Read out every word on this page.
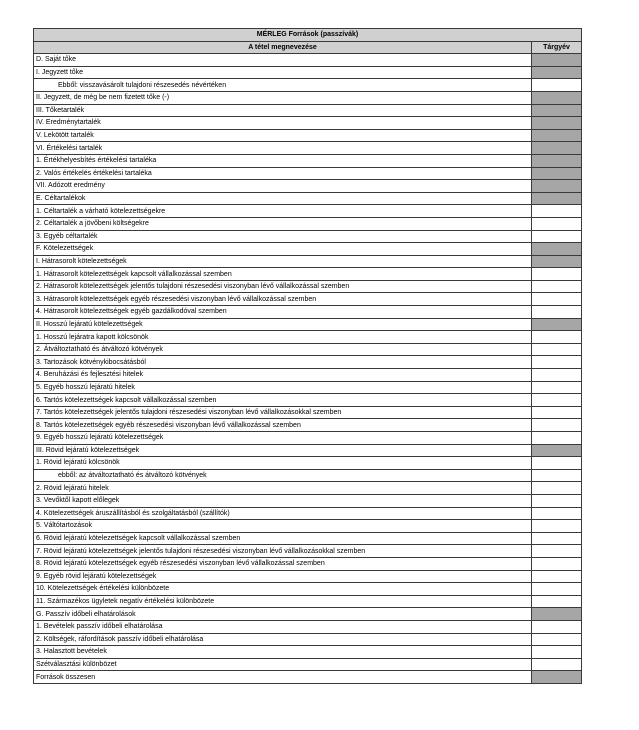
MÉRLEG Források (passzívák)	
A tétel megnevezése	Tárgyév
D. Saját tőke	
I. Jegyzett tőke	
Ebből: visszavásárolt tulajdoni részesedés névértéken	
II. Jegyzett, de még be nem fizetett tőke (-)	
III. Tőketartalék	
IV. Eredménytartalék	
V. Lekötött tartalék	
VI. Értékelési tartalék	
1. Értékhelyesbítés értékelési tartaléka	
2. Valós értékelés értékelési tartaléka	
VII. Adózott eredmény	
E. Céltartalékok	
1. Céltartalék a várható kötelezettségekre	
2. Céltartalék a jövőbeni költségekre	
3. Egyéb céltartalék	
F. Kötelezettségek	
I. Hátrasorolt kötelezettségek	
1. Hátrasorolt kötelezettségek kapcsolt vállalkozással szemben	
2. Hátrasorolt kötelezettségek jelentős tulajdoni részesedési viszonyban lévő vállalkozással szemben	
3. Hátrasorolt kötelezettségek egyéb részesedési viszonyban lévő vállalkozással szemben	
4. Hátrasorolt kötelezettségek egyéb gazdálkodóval szemben	
II. Hosszú lejáratú kötelezettségek	
1. Hosszú lejáratra kapott kölcsönök	
2. Átváltoztatható és átváltozó kötvények	
3. Tartozások kötvénykibocsátásból	
4. Beruházási és fejlesztési hitelek	
5. Egyéb hosszú lejáratú hitelek	
6. Tartós kötelezettségek kapcsolt vállalkozással szemben	
7. Tartós kötelezettségek jelentős tulajdoni részesedési viszonyban lévő vállalkozásokkal szemben	
8. Tartós kötelezettségek egyéb részesedési viszonyban lévő vállalkozással szemben	
9. Egyéb hosszú lejáratú kötelezettségek	
III. Rövid lejáratú kötelezettségek	
1. Rövid lejáratú kölcsönök	
ebből: az átváltoztatható és átváltozó kötvények	
2. Rövid lejáratú hitelek	
3. Vevőktől kapott előlegek	
4. Kötelezettségek áruszállításból és szolgáltatásból (szállítók)	
5. Váltótartozások	
6. Rövid lejáratú kötelezettségek kapcsolt vállalkozással szemben	
7. Rövid lejáratú kötelezettségek jelentős tulajdoni részesedési viszonyban lévő vállalkozásokkal szemben	
8. Rövid lejáratú kötelezettségek egyéb részesedési viszonyban lévő vállalkozással szemben	
9. Egyéb rövid lejáratú kötelezettségek	
10. Kötelezettségek értékelési különbözete	
11. Származékos ügyletek negatív értékelési különbözete	
G. Passzív időbeli elhatárolások	
1. Bevételek passzív időbeli elhatárolása	
2. Költségek, ráfordítások passzív időbeli elhatárolása	
3. Halasztott bevételek	
Szétválasztási különbözet	
Források összesen	
